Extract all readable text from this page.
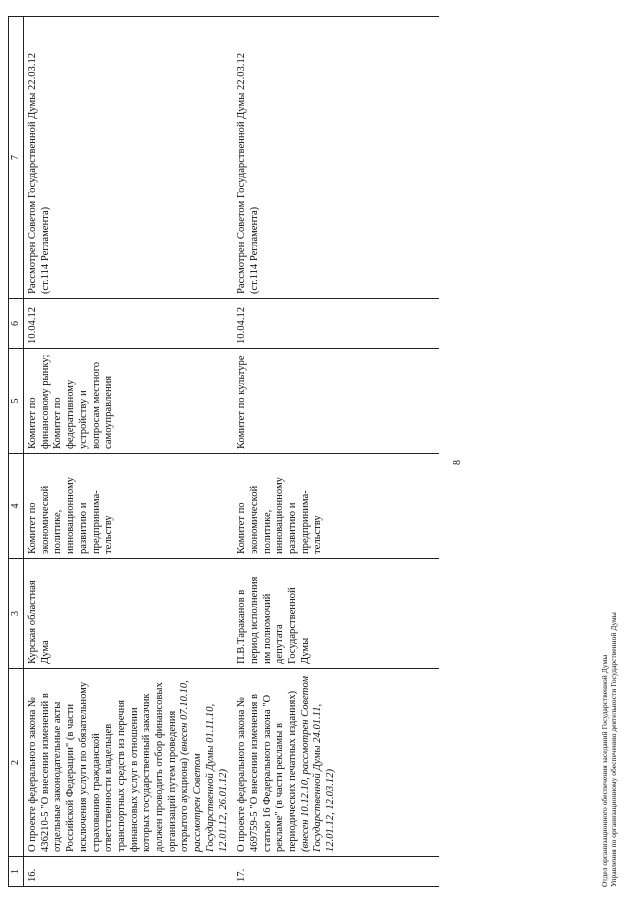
8
1	2	3	4	5	6	7
16.	О проекте федерального закона № 436210-5 "О внесении изменений в отдельные законодательные акты Российской Федерации" (в части исключения услуги по обязательному страхованию гражданской ответственности владельцев транспортных средств из перечня финансовых услуг в отношении которых государственный заказчик должен проводить отбор финансовых организаций путем проведения открытого аукциона) (внесен 07.10.10, рассмотрен Советом Государственной Думы 01.11.10, 12.01.12, 26.01.12)	Курская областная Дума	Комитет по экономической политике, инновационному развитию и предпринима-тельству	Комитет по финансовому рынку; Комитет по федеративному устройству и вопросам местного самоуправления	10.04.12	Рассмотрен Советом Государственной Думы 22.03.12 (ст.114 Регламента)
17.	О проекте федерального закона № 469759-5 "О внесении изменения в статью 16 Федерального закона "О рекламе" (в части рекламы в периодических печатных изданиях) (внесен 10.12.10, рассмотрен Советом Государственной Думы 24.01.11, 12.01.12, 12.03.12)	П.В.Тараканов в период исполнения им полномочий депутата Государственной Думы	Комитет по экономической политике, инновационному развитию и предпринима-тельству	Комитет по культуре	10.04.12	Рассмотрен Советом Государственной Думы 22.03.12 (ст.114 Регламента)
Отдел организационного обеспечения заседаний Государственной Думы Управления по организационному обеспечению деятельности Государственной Думы
